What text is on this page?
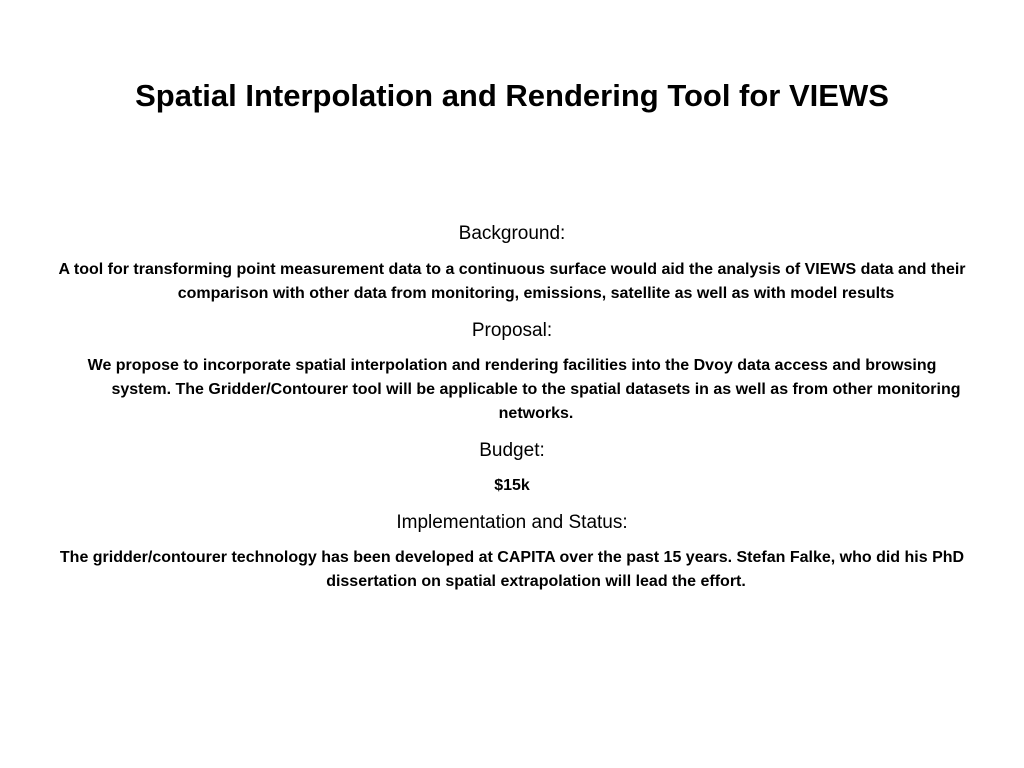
Spatial Interpolation and Rendering Tool for VIEWS
Background:
A tool for transforming point measurement data to a continuous surface would aid the analysis of VIEWS data and their comparison with other data from monitoring, emissions, satellite as well as with model results
Proposal:
We propose to incorporate spatial interpolation and rendering facilities into the Dvoy data access and browsing system. The Gridder/Contourer tool will be applicable to the spatial datasets in as well as from other monitoring networks.
Budget:
$15k
Implementation and Status:
The gridder/contourer technology has been developed at CAPITA over the past 15 years. Stefan Falke, who did his PhD dissertation on spatial extrapolation will lead the effort.
